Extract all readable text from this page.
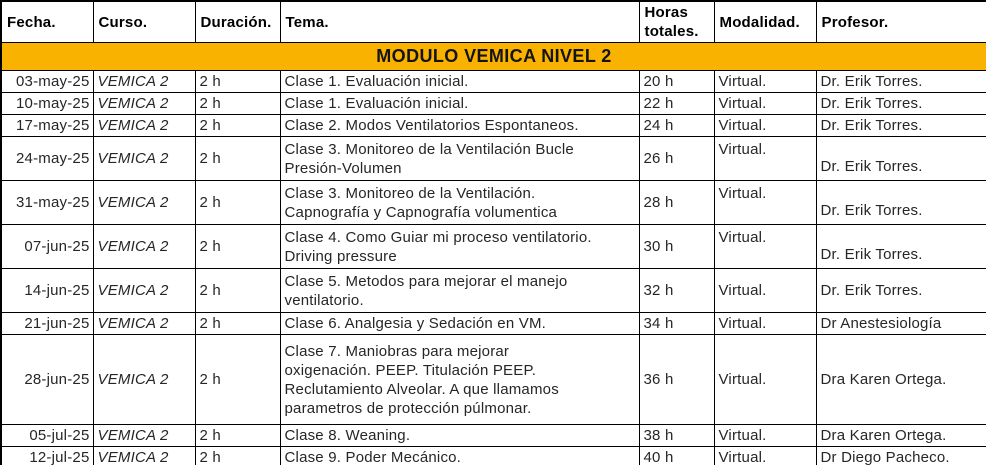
Fecha.	Curso.	Duración.	Tema.	Horas
totales.	Modalidad.	Profesor.
MODULO VEMICA NIVEL 2						
03-may-25	VEMICA 2	2 h	Clase 1. Evaluación inicial.	20 h	Virtual.	Dr. Erik Torres.
10-may-25	VEMICA 2	2 h	Clase 1. Evaluación inicial.	22 h	Virtual.	Dr. Erik Torres.
17-may-25	VEMICA 2	2 h	Clase 2. Modos Ventilatorios Espontaneos.	24 h	Virtual.	Dr. Erik Torres.
24-may-25	VEMICA 2	2 h	Clase 3. Monitoreo de la Ventilación Bucle
Presión-Volumen	26 h	Virtual.	Dr. Erik Torres.
31-may-25	VEMICA 2	2 h	Clase 3. Monitoreo de la Ventilación.
Capnografía y Capnografía volumentica	28 h	Virtual.	Dr. Erik Torres.
07-jun-25	VEMICA 2	2 h	Clase 4. Como Guiar mi proceso ventilatorio.
Driving pressure	30 h	Virtual.	Dr. Erik Torres.
14-jun-25	VEMICA 2	2 h	Clase 5. Metodos para mejorar el manejo
ventilatorio.	32 h	Virtual.	Dr. Erik Torres.
21-jun-25	VEMICA 2	2 h	Clase 6. Analgesia y Sedación en VM.	34 h	Virtual.	Dr Anestesiología
28-jun-25	VEMICA 2	2 h	Clase 7. Maniobras para mejorar
oxigenación. PEEP. Titulación PEEP.
Reclutamiento Alveolar. A que llamamos
parametros de protección púlmonar.	36 h	Virtual.	Dra Karen Ortega.
05-jul-25	VEMICA 2	2 h	Clase 8. Weaning.	38 h	Virtual.	Dra Karen Ortega.
12-jul-25	VEMICA 2	2 h	Clase 9. Poder Mecánico.	40 h	Virtual.	Dr Diego Pacheco.
